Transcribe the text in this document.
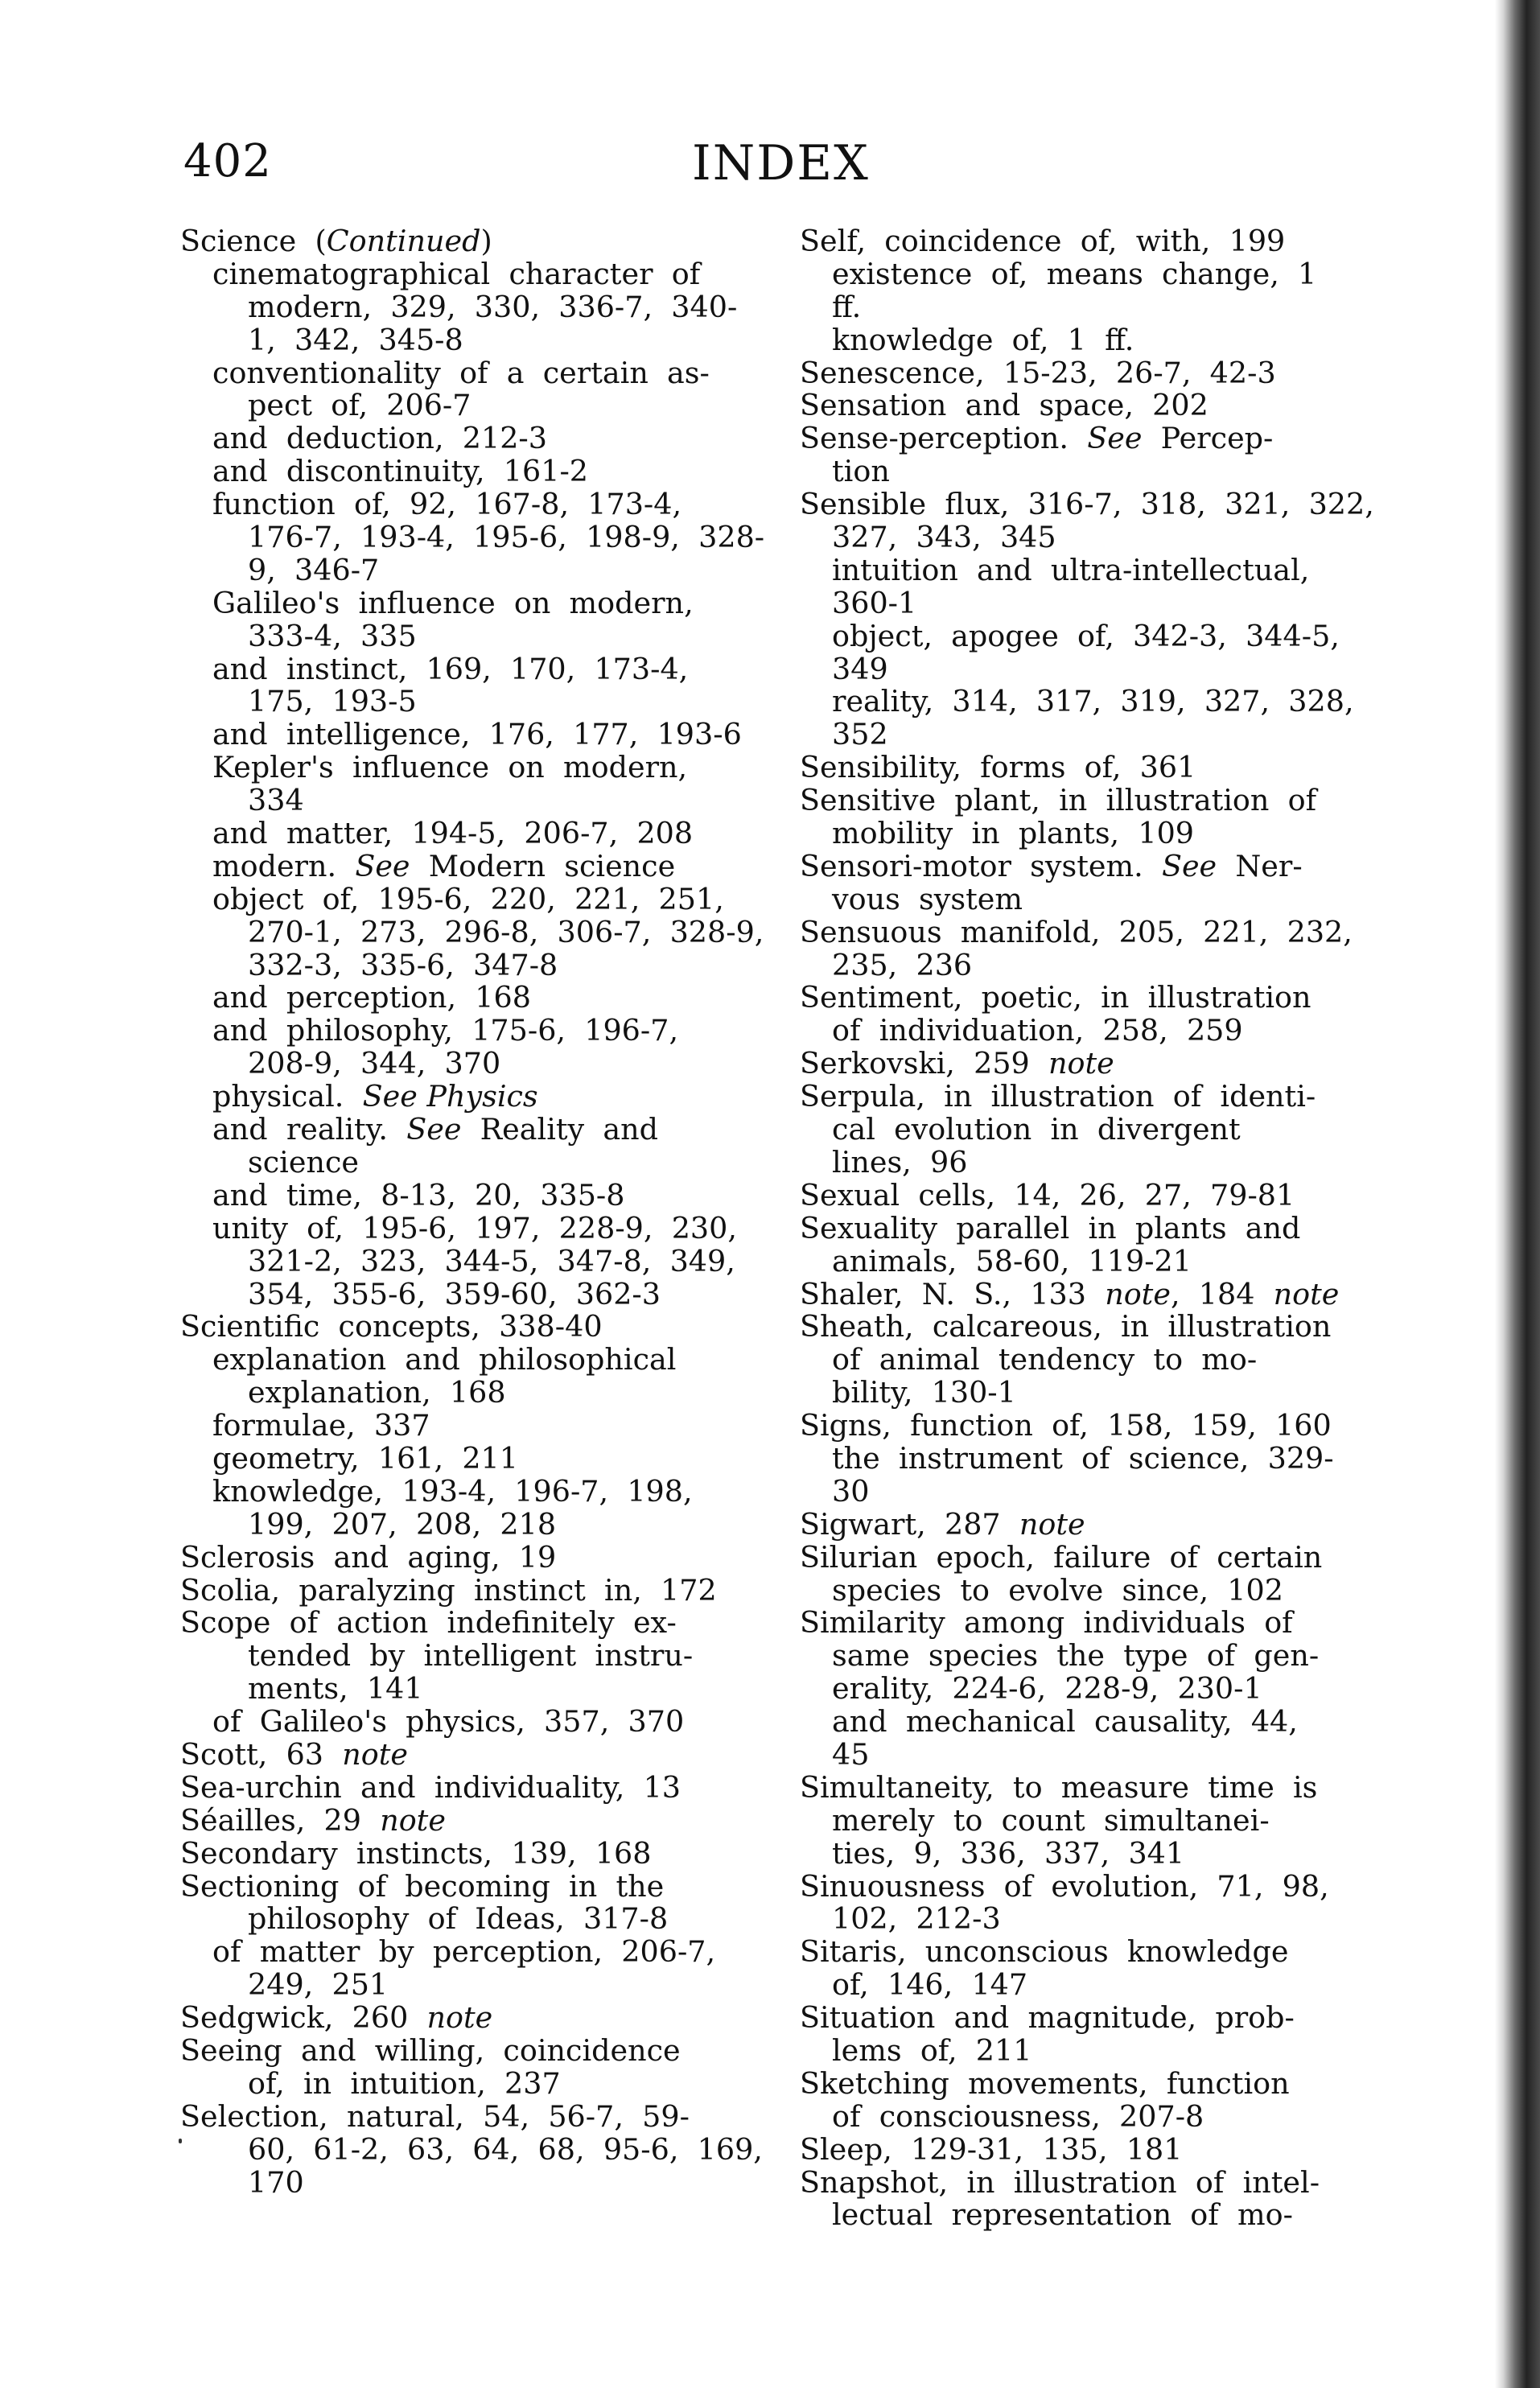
402	INDEX
Science  (Continued)
cinematographical  character  of
modern,  329,  330,  336-7,  340-
1,  342,  345-8
conventionality  of  a  certain  as-
pect  of,  206-7
and  deduction,  212-3
and  discontinuity,  161-2
function  of,  92,  167-8,  173-4,
176-7,  193-4,  195-6,  198-9,  328-
9,  346-7
Galileo's  influence  on  modern,
333-4,  335
and  instinct,  169,  170,  173-4,
175,  193-5
and  intelligence,  176,  177,  193-6
Kepler's  influence  on  modern,
334
and  matter,  194-5,  206-7,  208
modern.  See  Modern  science
object  of,  195-6,  220,  221,  251,
270-1,  273,  296-8,  306-7,  328-9,
332-3,  335-6,  347-8
and  perception,  168
and  philosophy,  175-6,  196-7,
208-9,  344,  370
physical.  See Physics
and  reality.  See  Reality  and
science
and  time,  8-13,  20,  335-8
unity  of,  195-6,  197,  228-9,  230,
321-2,  323,  344-5,  347-8,  349,
354,  355-6,  359-60,  362-3
Scientific  concepts,  338-40
explanation  and  philosophical
explanation,  168
formulae,  337
geometry,  161,  211
knowledge,  193-4,  196-7,  198,
199,  207,  208,  218
Sclerosis  and  aging,  19
Scolia,  paralyzing  instinct  in,  172
Scope  of  action  indefinitely  ex-
tended  by  intelligent  instru-
ments,  141
of  Galileo's  physics,  357,  370
Scott,  63  note
Sea-urchin  and  individuality,  13
Séailles,  29  note
Secondary  instincts,  139,  168
Sectioning  of  becoming  in  the
philosophy  of  Ideas,  317-8
of  matter  by  perception,  206-7,
249,  251
Sedgwick,  260  note
Seeing  and  willing,  coincidence
of,  in  intuition,  237
Selection,  natural,  54,  56-7,  59-
60,  61-2,  63,  64,  68,  95-6,  169,
170
Self,  coincidence  of,  with,  199
existence  of,  means  change,  1
ff.
knowledge  of,  1  ff.
Senescence,  15-23,  26-7,  42-3
Sensation  and  space,  202
Sense-perception.  See  Percep-
tion
Sensible  flux,  316-7,  318,  321,  322,
327,  343,  345
intuition  and  ultra-intellectual,
360-1
object,  apogee  of,  342-3,  344-5,
349
reality,  314,  317,  319,  327,  328,
352
Sensibility,  forms  of,  361
Sensitive  plant,  in  illustration  of
mobility  in  plants,  109
Sensori-motor  system.  See  Ner-
vous  system
Sensuous  manifold,  205,  221,  232,
235,  236
Sentiment,  poetic,  in  illustration
of  individuation,  258,  259
Serkovski,  259  note
Serpula,  in  illustration  of  identi-
cal  evolution  in  divergent
lines,  96
Sexual  cells,  14,  26,  27,  79-81
Sexuality  parallel  in  plants  and
animals,  58-60,  119-21
Shaler,  N.  S.,  133  note,  184  note
Sheath,  calcareous,  in  illustration
of  animal  tendency  to  mo-
bility,  130-1
Signs,  function  of,  158,  159,  160
the  instrument  of  science,  329-
30
Sigwart,  287  note
Silurian  epoch,  failure  of  certain
species  to  evolve  since,  102
Similarity  among  individuals  of
same  species  the  type  of  gen-
erality,  224-6,  228-9,  230-1
and  mechanical  causality,  44,
45
Simultaneity,  to  measure  time  is
merely  to  count  simultanei-
ties,  9,  336,  337,  341
Sinuousness  of  evolution,  71,  98,
102,  212-3
Sitaris,  unconscious  knowledge
of,  146,  147
Situation  and  magnitude,  prob-
lems  of,  211
Sketching  movements,  function
of  consciousness,  207-8
Sleep,  129-31,  135,  181
Snapshot,  in  illustration  of  intel-
lectual  representation  of  mo-
